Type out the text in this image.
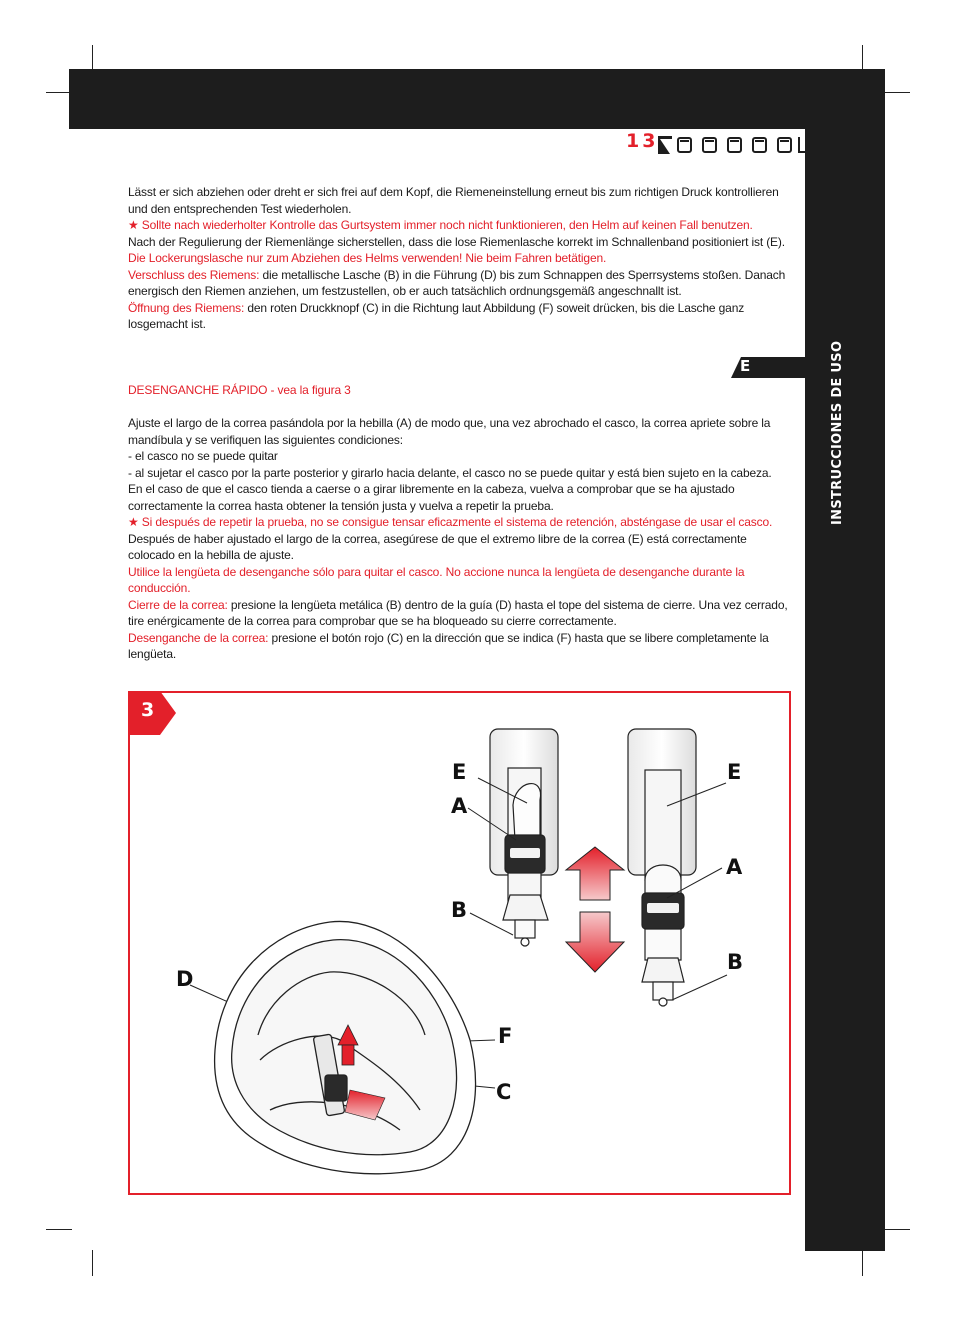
13
E	INSTRUCCIONES DE USO

Lässt er sich abziehen oder dreht er sich frei auf dem Kopf, die Riemeneinstellung erneut bis zum richtigen Druck kontrollieren und den entsprechenden Test wiederholen.

★ Sollte nach wiederholter Kontrolle das Gurtsystem immer noch nicht funktionieren, den Helm auf keinen Fall benutzen.

Nach der Regulierung der Riemenlänge sicherstellen, dass die lose Riemenlasche korrekt im Schnallenband positioniert ist (E).

Die Lockerungslasche nur zum Abziehen des Helms verwenden! Nie beim Fahren betätigen.

Verschluss des Riemens: die metallische Lasche (B) in die Führung (D) bis zum Schnappen des Sperrsystems stoßen. Danach energisch den Riemen anziehen, um festzustellen, ob er auch tatsächlich ordnungsgemäß angeschnallt ist.

Öffnung des Riemens: den roten Druckknopf (C) in die Richtung laut Abbildung (F) soweit drücken, bis die Lasche ganz losgemacht ist.

DESENGANCHE RÁPIDO - vea la figura 3

Ajuste el largo de la correa pasándola por la hebilla (A) de modo que, una vez abrochado el casco, la correa apriete sobre la mandíbula y se verifiquen las siguientes condiciones:

- el casco no se puede quitar

- al sujetar el casco por la parte posterior y girarlo hacia delante, el casco no se puede quitar y está bien sujeto en la cabeza.

En el caso de que el casco tienda a caerse o a girar libremente en la cabeza, vuelva a comprobar que se ha ajustado correctamente la correa hasta obtener la tensión justa y vuelva a repetir la prueba.

★ Si después de repetir la prueba, no se consigue tensar eficazmente el sistema de retención, absténgase de usar el casco.

Después de haber ajustado el largo de la correa, asegúrese de que el extremo libre de la correa (E) está correctamente colocado en la hebilla de ajuste.

Utilice la lengüeta de desenganche sólo para quitar el casco. No accione nunca la lengüeta de desenganche durante la conducción.

Cierre de la correa: presione la lengüeta metálica (B) dentro de la guía (D) hasta el tope del sistema de cierre. Una vez cerrado, tire enérgicamente de la correa para comprobar que se ha bloqueado su cierre correctamente.

Desenganche de la correa: presione el botón rojo (C) en la dirección que se indica (F) hasta que se libere completamente la lengüeta.

3
E
A
B
E
A
B
D
F
C
